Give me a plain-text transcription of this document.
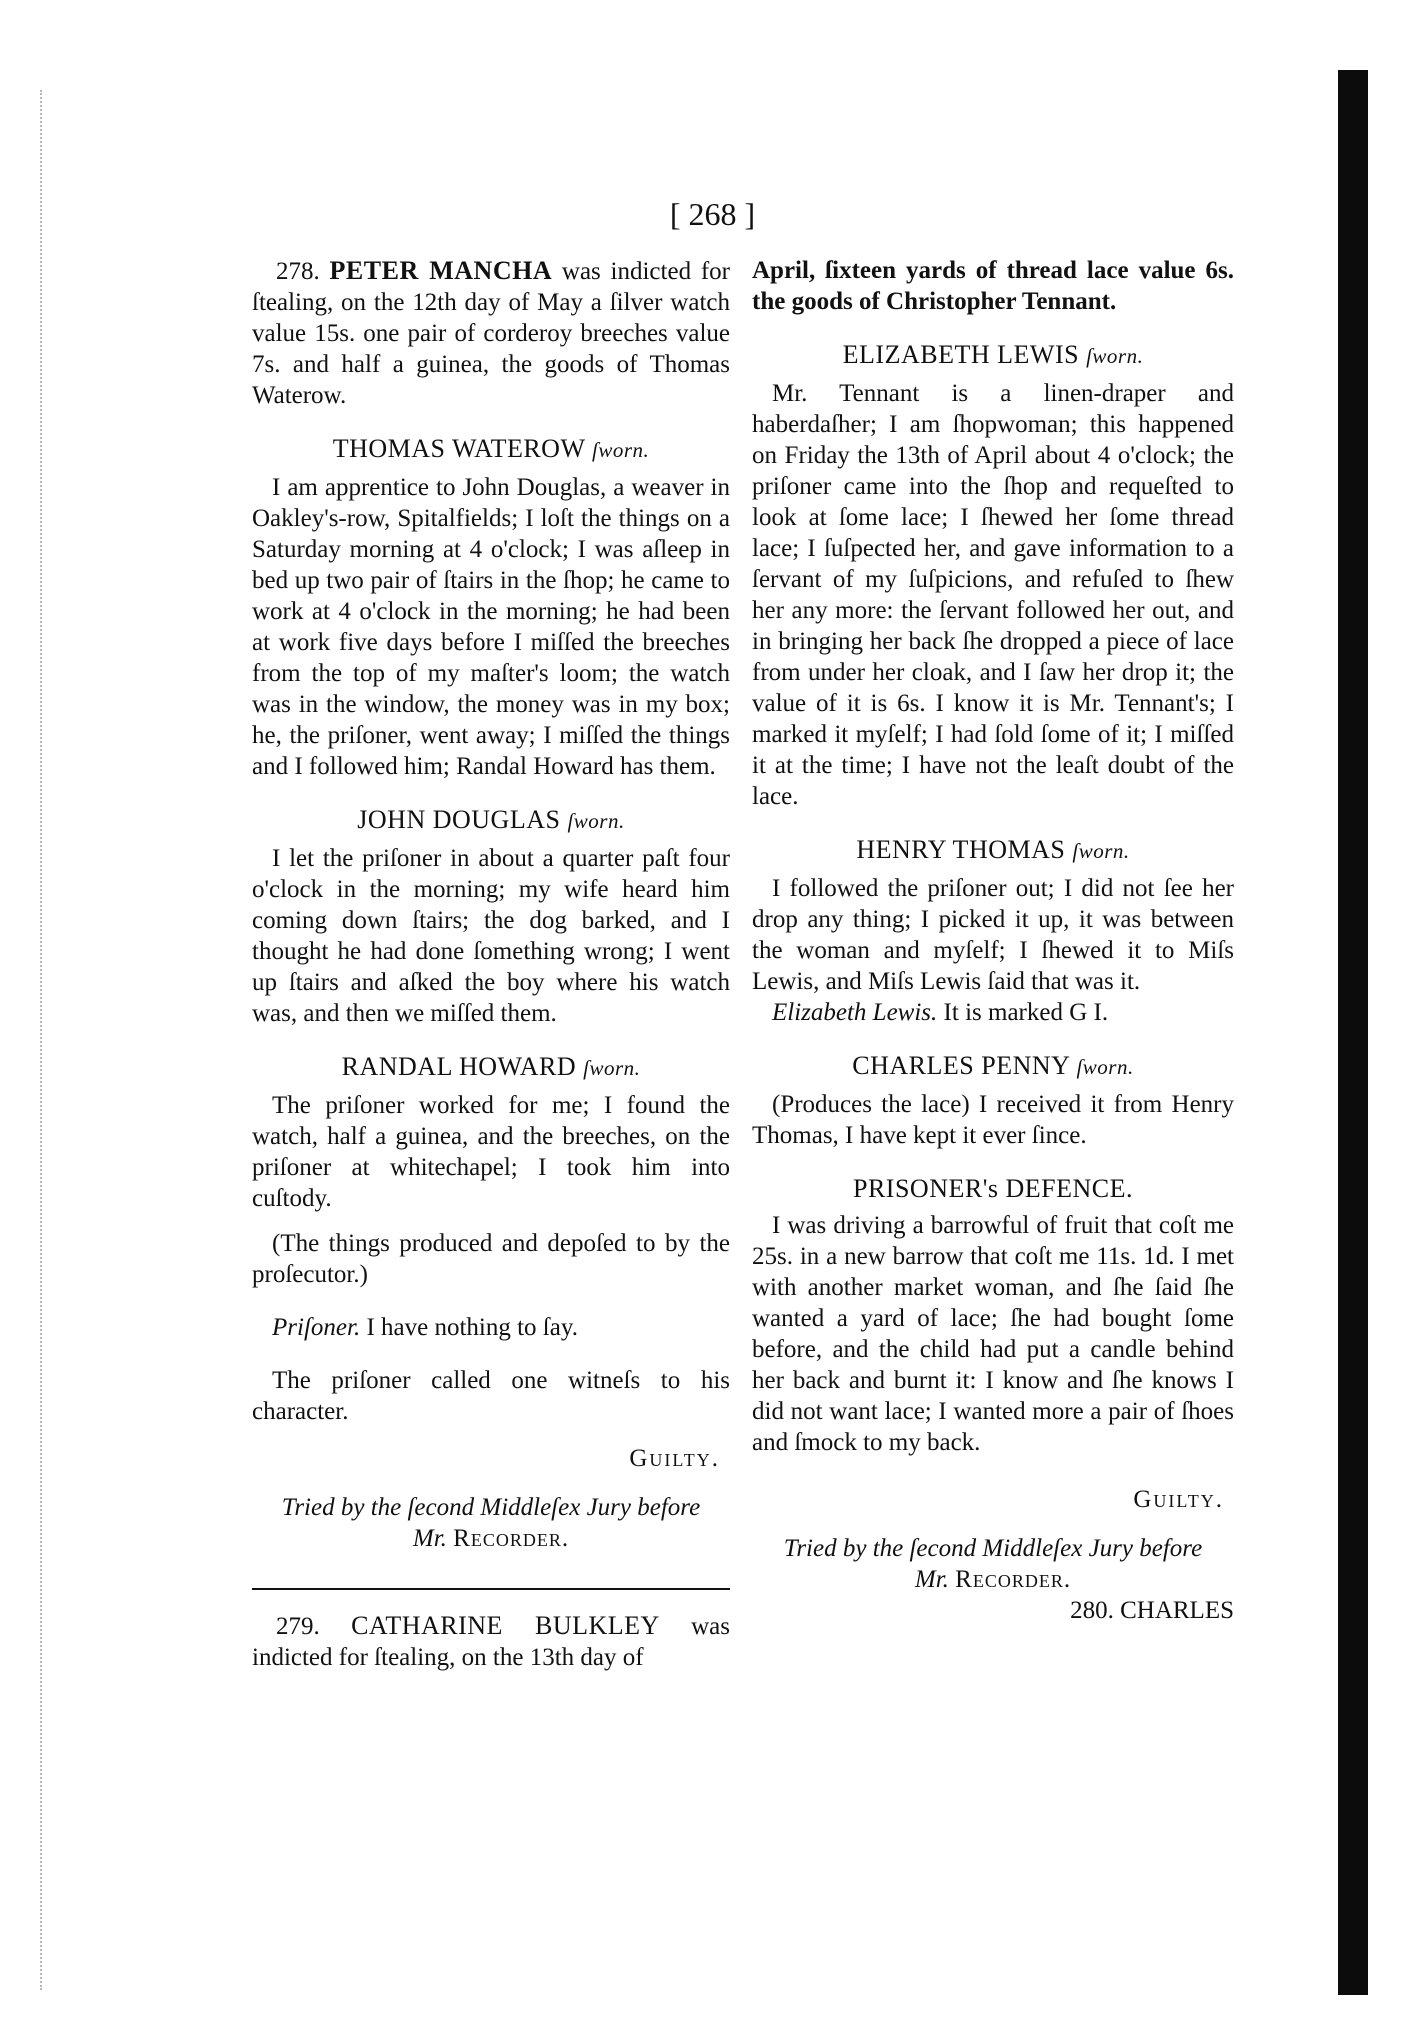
[ 268 ]

278. PETER MANCHA was indicted for ſtealing, on the 12th day of May a ſilver watch value 15s. one pair of corderoy breeches value 7s. and half a guinea, the goods of Thomas Waterow.

THOMAS WATEROW ſworn.

I am apprentice to John Douglas, a weaver in Oakley's-row, Spitalfields; I loſt the things on a Saturday morning at 4 o'clock; I was aſleep in bed up two pair of ſtairs in the ſhop; he came to work at 4 o'clock in the morning; he had been at work five days before I miſſed the breeches from the top of my maſter's loom; the watch was in the window, the money was in my box; he, the priſoner, went away; I miſſed the things and I followed him; Randal Howard has them.

JOHN DOUGLAS ſworn.

I let the priſoner in about a quarter paſt four o'clock in the morning; my wife heard him coming down ſtairs; the dog barked, and I thought he had done ſomething wrong; I went up ſtairs and aſked the boy where his watch was, and then we miſſed them.

RANDAL HOWARD ſworn.

The priſoner worked for me; I found the watch, half a guinea, and the breeches, on the priſoner at whitechapel; I took him into cuſtody.

(The things produced and depoſed to by the proſecutor.)

Priſoner. I have nothing to ſay.

The priſoner called one witneſs to his character.

Guilty.

Tried by the ſecond Middleſex Jury before
Mr. Recorder.

279. CATHARINE BULKLEY was indicted for ſtealing, on the 13th day of

April, ſixteen yards of thread lace value 6s. the goods of Christopher Tennant.

ELIZABETH LEWIS ſworn.

Mr. Tennant is a linen-draper and haberdaſher; I am ſhopwoman; this happened on Friday the 13th of April about 4 o'clock; the priſoner came into the ſhop and requeſted to look at ſome lace; I ſhewed her ſome thread lace; I ſuſpected her, and gave information to a ſervant of my ſuſpicions, and refuſed to ſhew her any more: the ſervant followed her out, and in bringing her back ſhe dropped a piece of lace from under her cloak, and I ſaw her drop it; the value of it is 6s. I know it is Mr. Tennant's; I marked it myſelf; I had ſold ſome of it; I miſſed it at the time; I have not the leaſt doubt of the lace.

HENRY THOMAS ſworn.

I followed the priſoner out; I did not ſee her drop any thing; I picked it up, it was between the woman and myſelf; I ſhewed it to Miſs Lewis, and Miſs Lewis ſaid that was it.

Elizabeth Lewis. It is marked G I.

CHARLES PENNY ſworn.

(Produces the lace) I received it from Henry Thomas, I have kept it ever ſince.

PRISONER's DEFENCE.

I was driving a barrowful of fruit that coſt me 25s. in a new barrow that coſt me 11s. 1d. I met with another market woman, and ſhe ſaid ſhe wanted a yard of lace; ſhe had bought ſome before, and the child had put a candle behind her back and burnt it: I know and ſhe knows I did not want lace; I wanted more a pair of ſhoes and ſmock to my back.

Guilty.

Tried by the ſecond Middleſex Jury before
Mr. Recorder.

280. CHARLES
